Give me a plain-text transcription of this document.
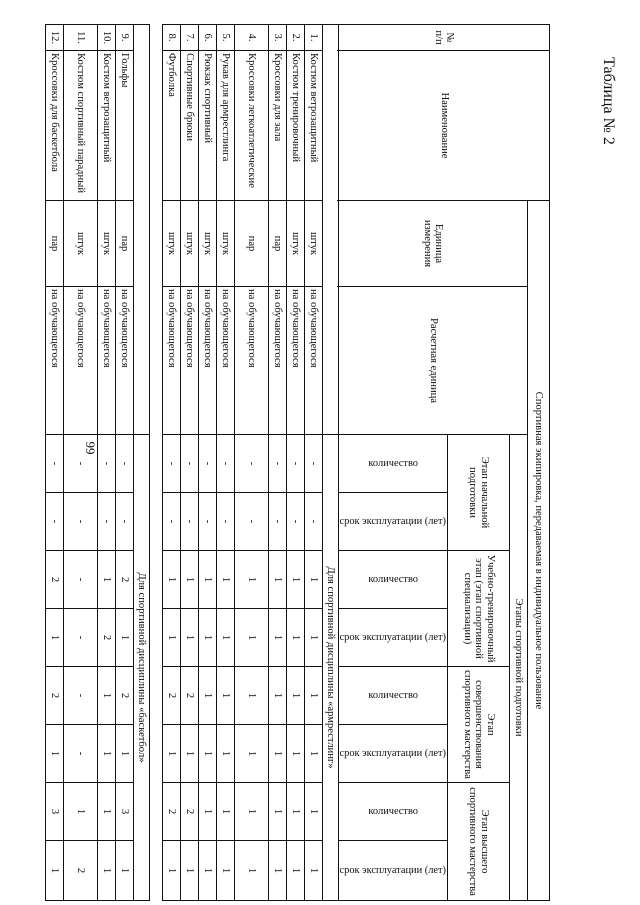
99
Таблица № 2
№ п/п	Наименование	Спортивная экипировка, передаваемая в индивидуальное пользование									
		Единица измерения	Расчетная единица	Этапы спортивной подготовки							
				Этап начальной подготовки		Учебно-тренировочный этап (этап спортивной специализации)		Этап совершенствования спортивного мастерства		Этап высшего спортивного мастерства	

				количество	срок эксплуатации (лет)	количество	срок эксплуатации (лет)	количество	срок эксплуатации (лет)	количество	срок эксплуатации (лет)

				Для спортивной дисциплины «армрестлинг»							
1.	Костюм ветрозащитный	штук	на обучающегося	-	-	1	1	1	1	1	1
2.	Костюм тренировочный	штук	на обучающегося	-	-	1	1	1	1	1	1
3.	Кроссовки для зала	пар	на обучающегося	-	-	1	1	1	1	1	1
4.	Кроссовки легкоатлетические	пар	на обучающегося	-	-	1	1	1	1	1	1
5.	Рукав для армрестлинга	штук	на обучающегося	-	-	1	1	1	1	1	1
6.	Рюкзак спортивный	штук	на обучающегося	-	-	1	1	1	1	1	1
7.	Спортивные брюки	штук	на обучающегося	-	-	1	1	2	1	2	1
8.	Футболка	штук	на обучающегося	-	-	1	1	2	1	2	1

				Для спортивной дисциплины «баскетбол»							
9.	Гольфы	пар	на обучающегося	-	-	2	1	2	1	3	1
10.	Костюм ветрозащитный	штук	на обучающегося	-	-	1	2	1	1	1	1
11.	Костюм спортивный парадный	штук	на обучающегося	-	-	-	-	-	-	1	2
12.	Кроссовки для баскетбола	пар	на обучающегося	-	-	2	1	2	1	3	1
